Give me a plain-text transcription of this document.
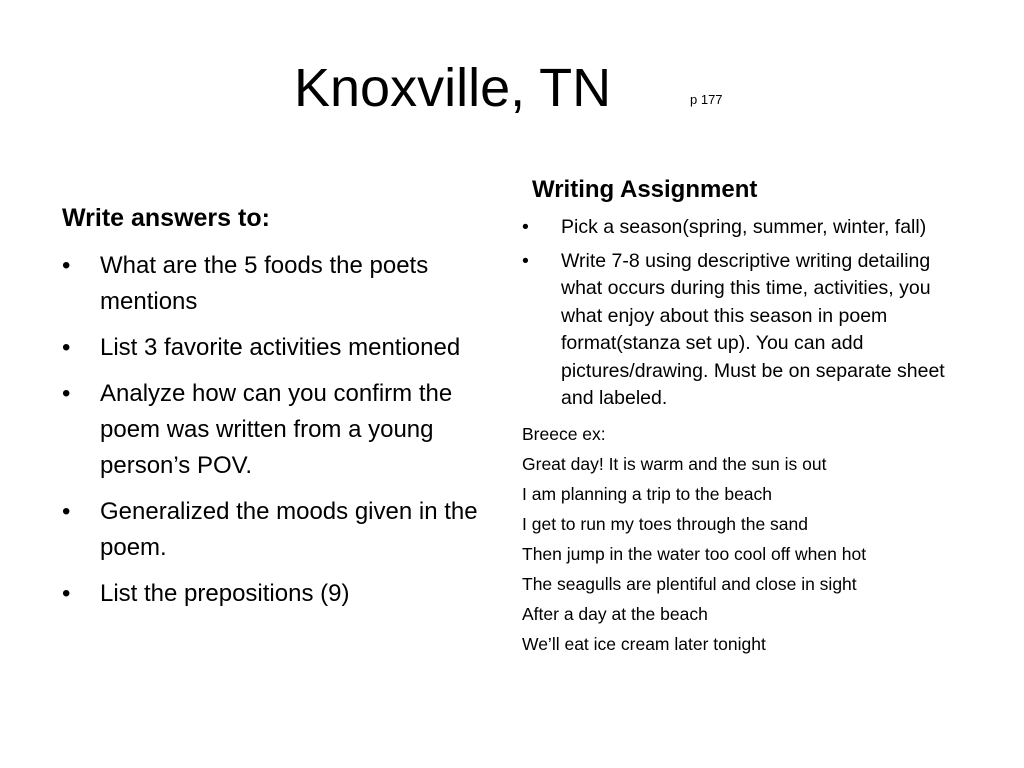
Knoxville, TN	p 177
Write answers to:
• What are the 5 foods the poets mentions
• List 3 favorite activities mentioned
• Analyze how can you confirm the poem was written from a young person’s POV.
• Generalized the moods given in the poem.
• List the prepositions (9)
Writing Assignment
• Pick a season(spring, summer, winter, fall)
• Write 7-8 using descriptive writing detailing what occurs during this time, activities, you what enjoy about this season in poem format(stanza set up). You can add pictures/drawing. Must be on separate sheet and labeled.
Breece ex:
Great day! It is warm and the sun is out
I am planning a trip to the beach
I get to run my toes through the sand
Then jump in the water too cool off when hot
The seagulls are plentiful and close in sight
After a day at the beach
We’ll eat ice cream later tonight
